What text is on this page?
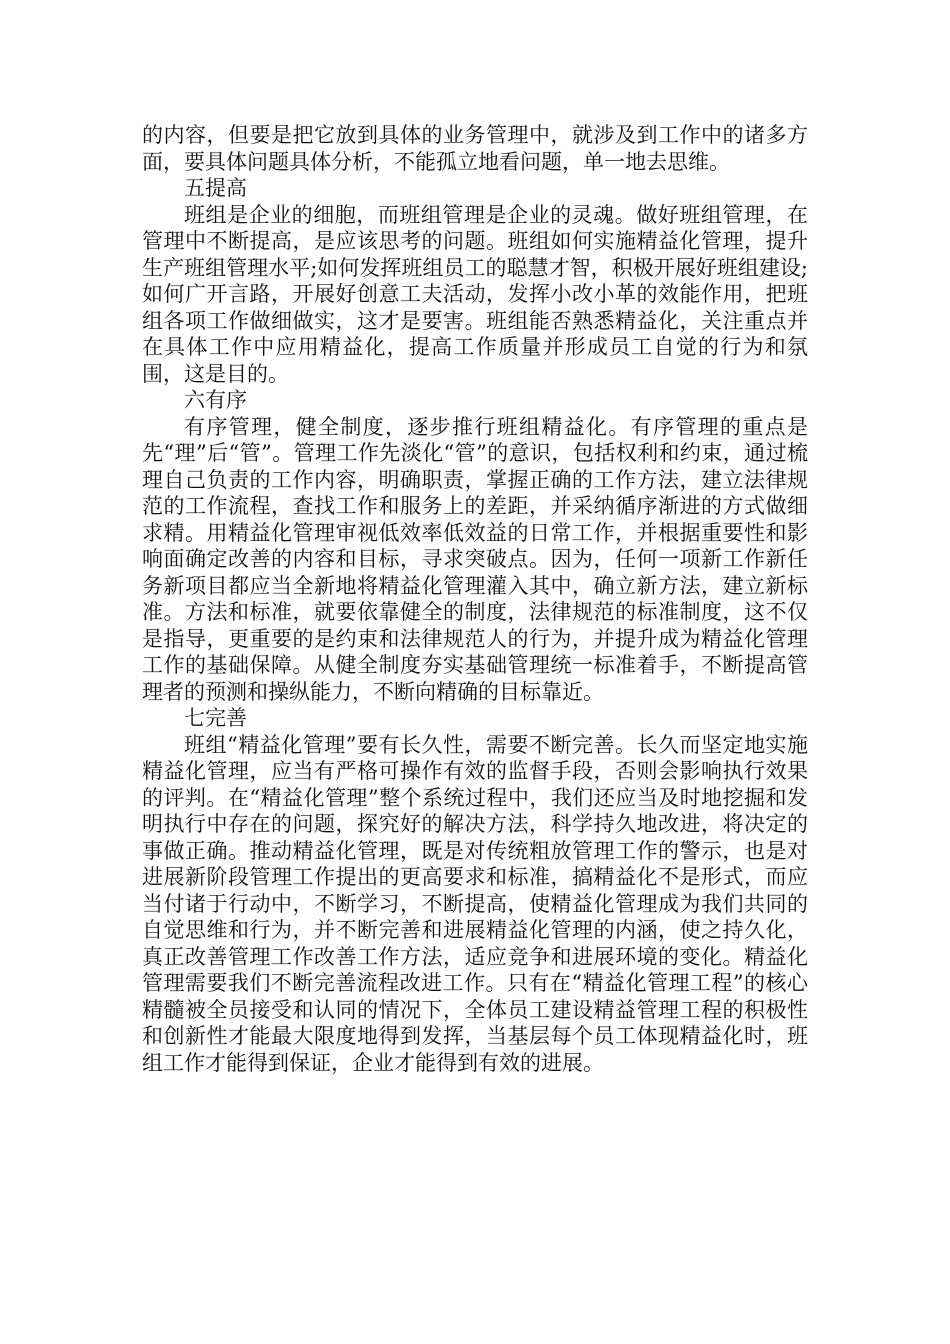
的内容，但要是把它放到具体的业务管理中，就涉及到工作中的诸多方面，要具体问题具体分析，不能孤立地看问题，单一地去思维。

五提高

班组是企业的细胞，而班组管理是企业的灵魂。做好班组管理，在管理中不断提高，是应该思考的问题。班组如何实施精益化管理，提升生产班组管理水平;如何发挥班组员工的聪慧才智，积极开展好班组建设;如何广开言路，开展好创意工夫活动，发挥小改小革的效能作用，把班组各项工作做细做实，这才是要害。班组能否熟悉精益化，关注重点并在具体工作中应用精益化，提高工作质量并形成员工自觉的行为和氛围，这是目的。

六有序

有序管理，健全制度，逐步推行班组精益化。有序管理的重点是先“理”后“管”。管理工作先淡化“管”的意识，包括权利和约束，通过梳理自己负责的工作内容，明确职责，掌握正确的工作方法，建立法律规范的工作流程，查找工作和服务上的差距，并采纳循序渐进的方式做细求精。用精益化管理审视低效率低效益的日常工作，并根据重要性和影响面确定改善的内容和目标，寻求突破点。因为，任何一项新工作新任务新项目都应当全新地将精益化管理灌入其中，确立新方法，建立新标准。方法和标准，就要依靠健全的制度，法律规范的标准制度，这不仅是指导，更重要的是约束和法律规范人的行为，并提升成为精益化管理工作的基础保障。从健全制度夯实基础管理统一标准着手，不断提高管理者的预测和操纵能力，不断向精确的目标靠近。

七完善

班组“精益化管理”要有长久性，需要不断完善。长久而坚定地实施精益化管理，应当有严格可操作有效的监督手段，否则会影响执行效果的评判。在“精益化管理”整个系统过程中，我们还应当及时地挖掘和发明执行中存在的问题，探究好的解决方法，科学持久地改进，将决定的事做正确。推动精益化管理，既是对传统粗放管理工作的警示，也是对进展新阶段管理工作提出的更高要求和标准，搞精益化不是形式，而应当付诸于行动中，不断学习，不断提高，使精益化管理成为我们共同的自觉思维和行为，并不断完善和进展精益化管理的内涵，使之持久化，真正改善管理工作改善工作方法，适应竞争和进展环境的变化。精益化管理需要我们不断完善流程改进工作。只有在“精益化管理工程”的核心精髓被全员接受和认同的情况下，全体员工建设精益管理工程的积极性和创新性才能最大限度地得到发挥，当基层每个员工体现精益化时，班组工作才能得到保证，企业才能得到有效的进展。
